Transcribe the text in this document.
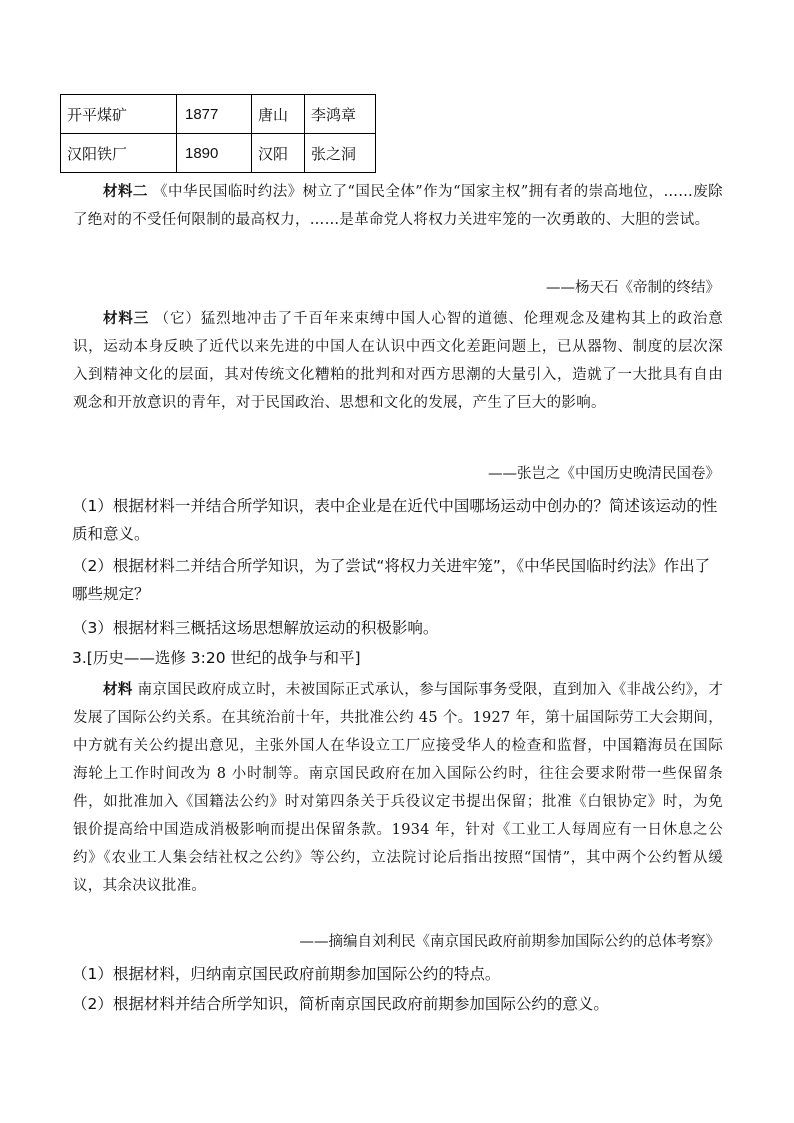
开平煤矿	1877	唐山	李鸿章
汉阳铁厂	1890	汉阳	张之洞
材料二 《中华民国临时约法》树立了“国民全体”作为“国家主权”拥有者的崇高地位，……废除了绝对的不受任何限制的最高权力，……是革命党人将权力关进牢笼的一次勇敢的、大胆的尝试。
——杨天石《帝制的终结》
材料三 （它）猛烈地冲击了千百年来束缚中国人心智的道德、伦理观念及建构其上的政治意识，运动本身反映了近代以来先进的中国人在认识中西文化差距问题上，已从器物、制度的层次深入到精神文化的层面，其对传统文化糟粕的批判和对西方思潮的大量引入，造就了一大批具有自由观念和开放意识的青年，对于民国政治、思想和文化的发展，产生了巨大的影响。
——张岂之《中国历史晚清民国卷》
（1）根据材料一并结合所学知识，表中企业是在近代中国哪场运动中创办的？简述该运动的性质和意义。
（2）根据材料二并结合所学知识，为了尝试“将权力关进牢笼”，《中华民国临时约法》作出了哪些规定？
（3）根据材料三概括这场思想解放运动的积极影响。
3.[历史——选修 3:20 世纪的战争与和平]
材料 南京国民政府成立时，未被国际正式承认，参与国际事务受限，直到加入《非战公约》，才发展了国际公约关系。在其统治前十年，共批准公约 45 个。1927 年，第十届国际劳工大会期间，中方就有关公约提出意见，主张外国人在华设立工厂应接受华人的检查和监督，中国籍海员在国际海轮上工作时间改为 8 小时制等。南京国民政府在加入国际公约时，往往会要求附带一些保留条件，如批准加入《国籍法公约》时对第四条关于兵役议定书提出保留；批准《白银协定》时，为免银价提高给中国造成消极影响而提出保留条款。1934 年，针对《工业工人每周应有一日休息之公约》《农业工人集会结社权之公约》等公约，立法院讨论后指出按照“国情”，其中两个公约暂从缓议，其余决议批准。
——摘编自刘利民《南京国民政府前期参加国际公约的总体考察》
（1）根据材料，归纳南京国民政府前期参加国际公约的特点。
（2）根据材料并结合所学知识，简析南京国民政府前期参加国际公约的意义。
